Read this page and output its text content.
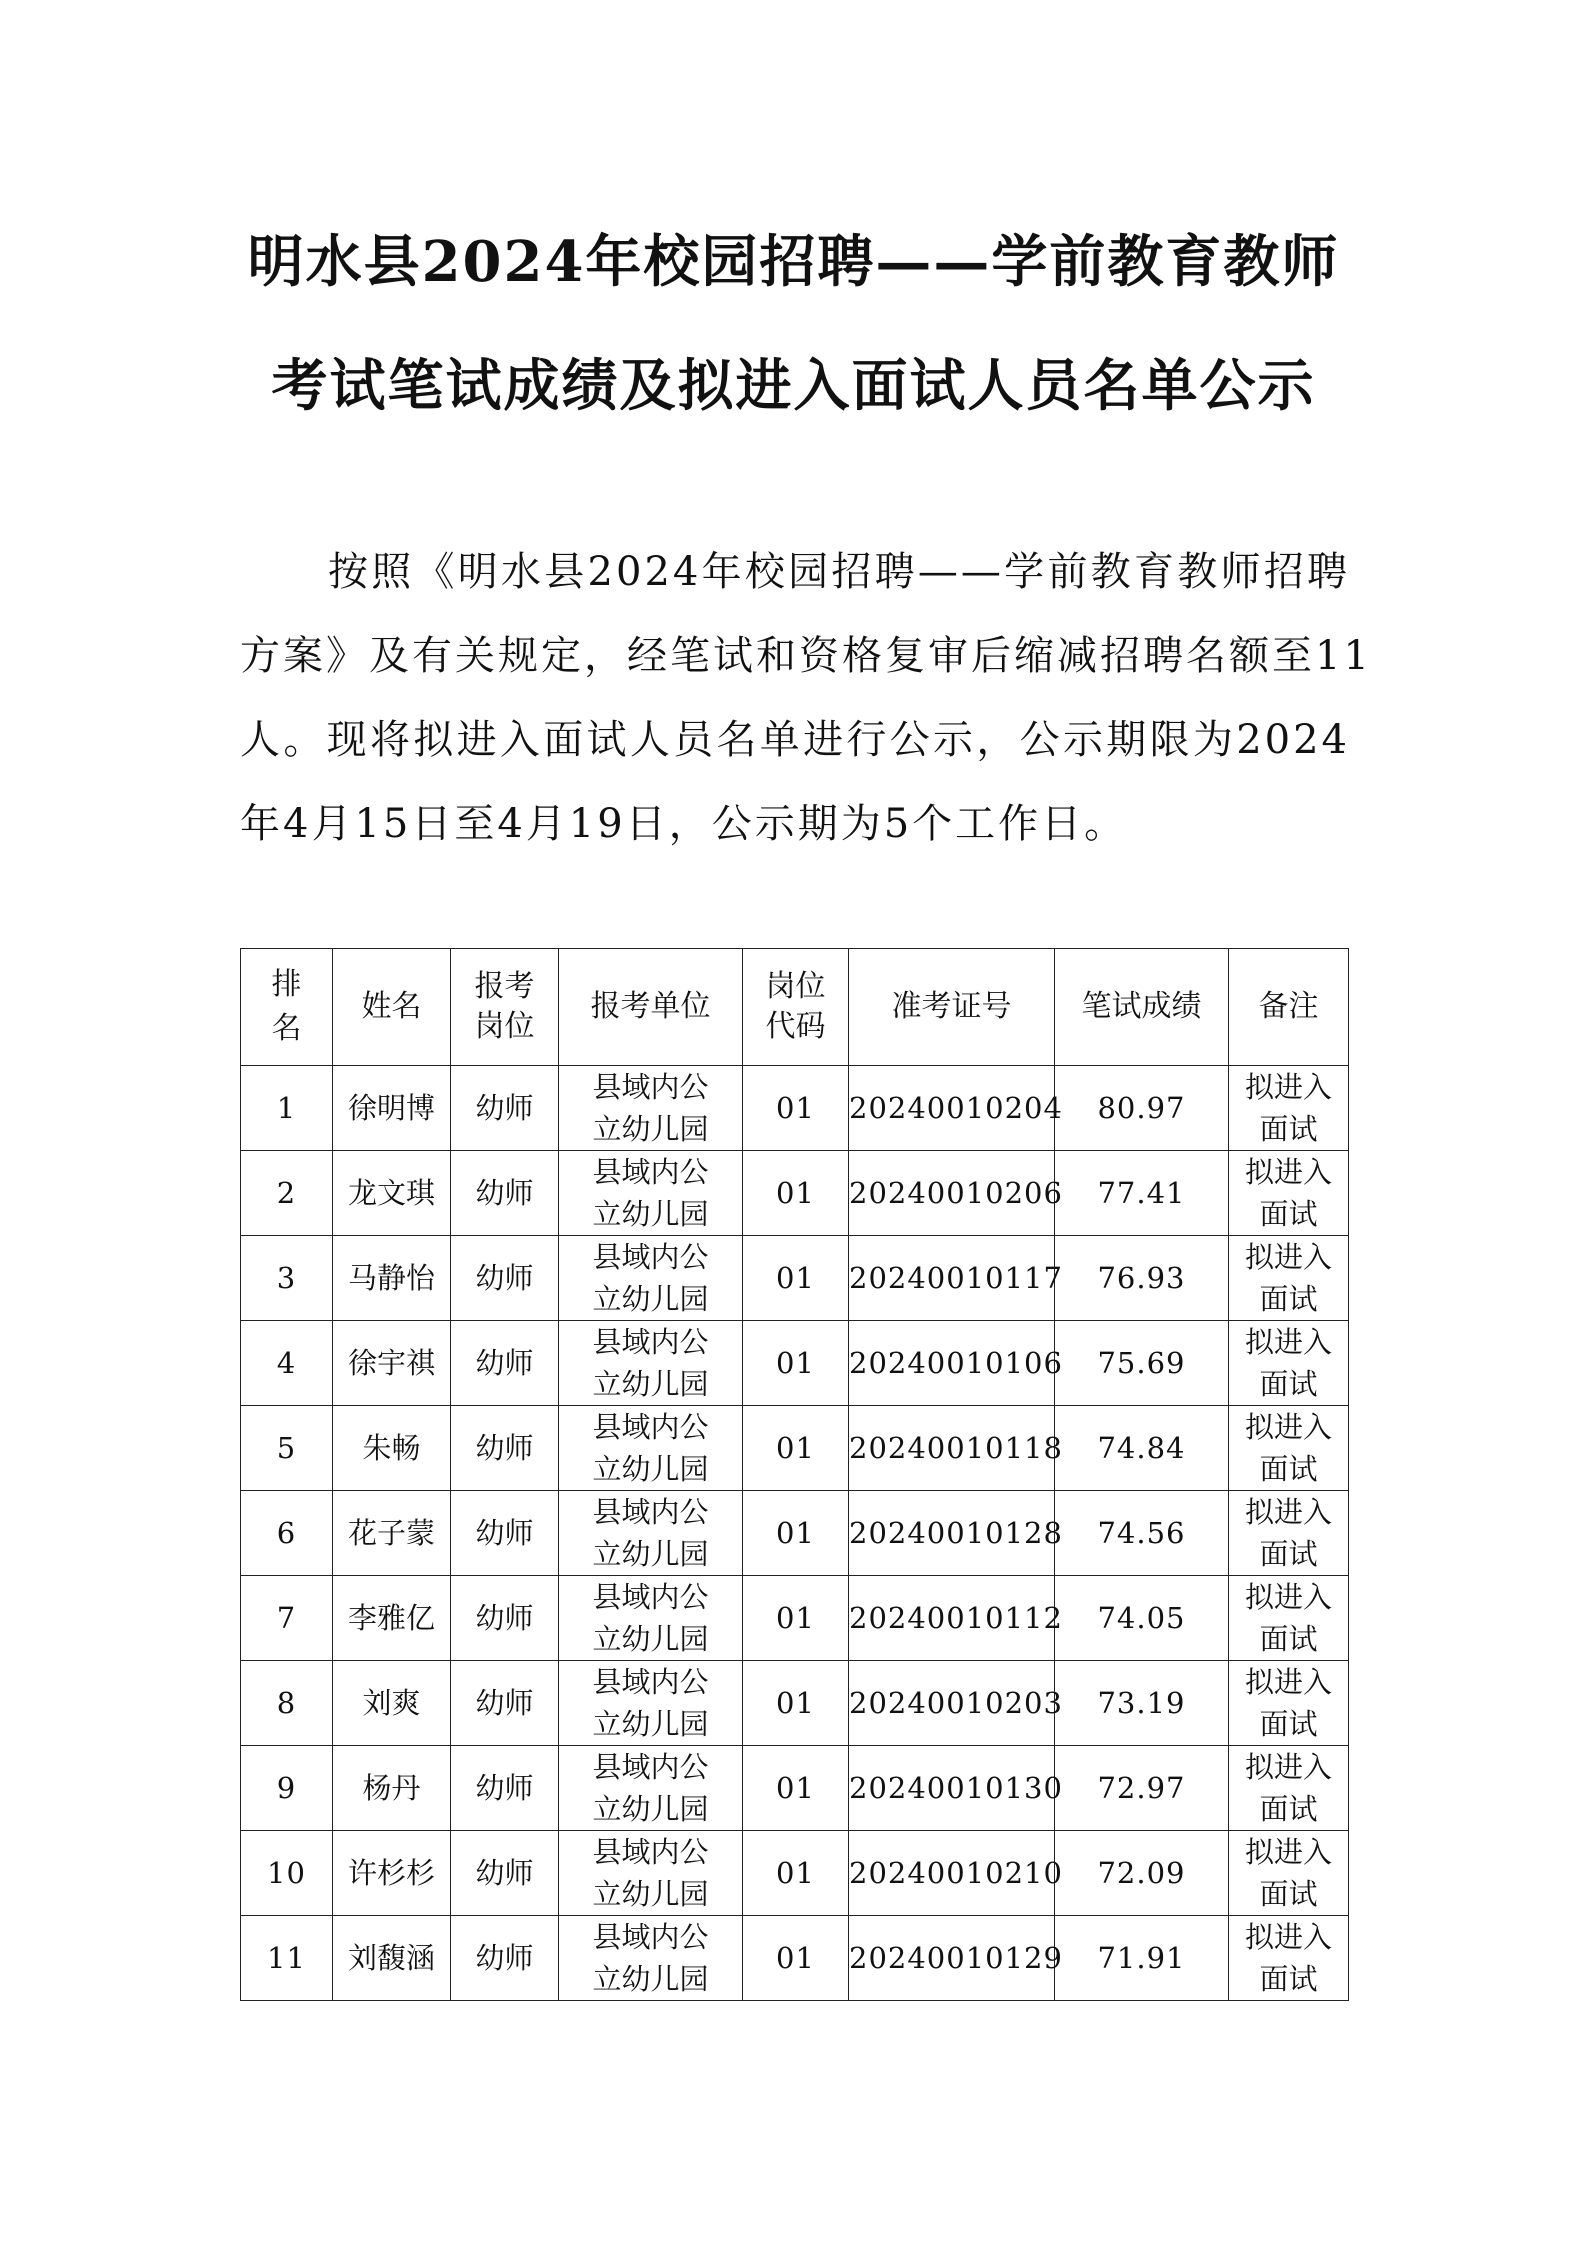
明水县2024年校园招聘——学前教育教师
考试笔试成绩及拟进入面试人员名单公示

按照《明水县2024年校园招聘——学前教育教师招聘

方案》及有关规定，经笔试和资格复审后缩减招聘名额至11

人。现将拟进入面试人员名单进行公示，公示期限为2024

年4月15日至4月19日，公示期为5个工作日。

排名	姓名	报考岗位	报考单位	岗位代码	准考证号	笔试成绩	备注
1	徐明博	幼师	县域内公立幼儿园	01	20240010204	80.97	拟进入面试
2	龙文琪	幼师	县域内公立幼儿园	01	20240010206	77.41	拟进入面试
3	马静怡	幼师	县域内公立幼儿园	01	20240010117	76.93	拟进入面试
4	徐宇祺	幼师	县域内公立幼儿园	01	20240010106	75.69	拟进入面试
5	朱畅	幼师	县域内公立幼儿园	01	20240010118	74.84	拟进入面试
6	花子蒙	幼师	县域内公立幼儿园	01	20240010128	74.56	拟进入面试
7	李雅亿	幼师	县域内公立幼儿园	01	20240010112	74.05	拟进入面试
8	刘爽	幼师	县域内公立幼儿园	01	20240010203	73.19	拟进入面试
9	杨丹	幼师	县域内公立幼儿园	01	20240010130	72.97	拟进入面试
10	许杉杉	幼师	县域内公立幼儿园	01	20240010210	72.09	拟进入面试
11	刘馥涵	幼师	县域内公立幼儿园	01	20240010129	71.91	拟进入面试
